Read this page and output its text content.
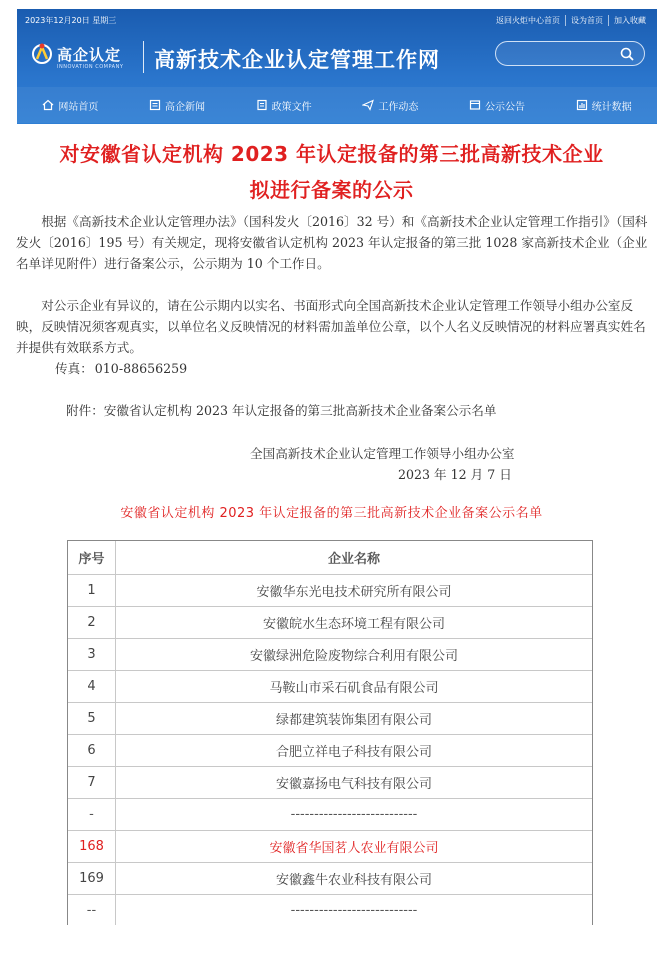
2023年12月20日 星期三	返回火炬中心首页	设为首页	加入收藏
高企认定
INNOVATION COMPANY 高新技术企业认定管理工作网
网站首页	高企新闻	政策文件	工作动态	公示公告	统计数据
对安徽省认定机构 2023 年认定报备的第三批高新技术企业
拟进行备案的公示

根据《高新技术企业认定管理办法》（国科发火〔2016〕32 号）和《高新技术企业认定管理工作指引》（国科发火〔2016〕195 号）有关规定，现将安徽省认定机构 2023 年认定报备的第三批 1028 家高新技术企业（企业名单详见附件）进行备案公示，公示期为 10 个工作日。

对公示企业有异议的，请在公示期内以实名、书面形式向全国高新技术企业认定管理工作领导小组办公室反映，反映情况须客观真实，以单位名义反映情况的材料需加盖单位公章，以个人名义反映情况的材料应署真实姓名并提供有效联系方式。

传真： 010-88656259
附件：安徽省认定机构 2023 年认定报备的第三批高新技术企业备案公示名单
全国高新技术企业认定管理工作领导小组办公室
2023 年 12 月 7 日
安徽省认定机构 2023 年认定报备的第三批高新技术企业备案公示名单
序号	企业名称
1	安徽华东光电技术研究所有限公司
2	安徽皖水生态环境工程有限公司
3	安徽绿洲危险废物综合利用有限公司
4	马鞍山市采石矶食品有限公司
5	绿都建筑装饰集团有限公司
6	合肥立祥电子科技有限公司
7	安徽嘉扬电气科技有限公司
-	---------------------------
168	安徽省华国茗人农业有限公司
169	安徽鑫牛农业科技有限公司
--	---------------------------
